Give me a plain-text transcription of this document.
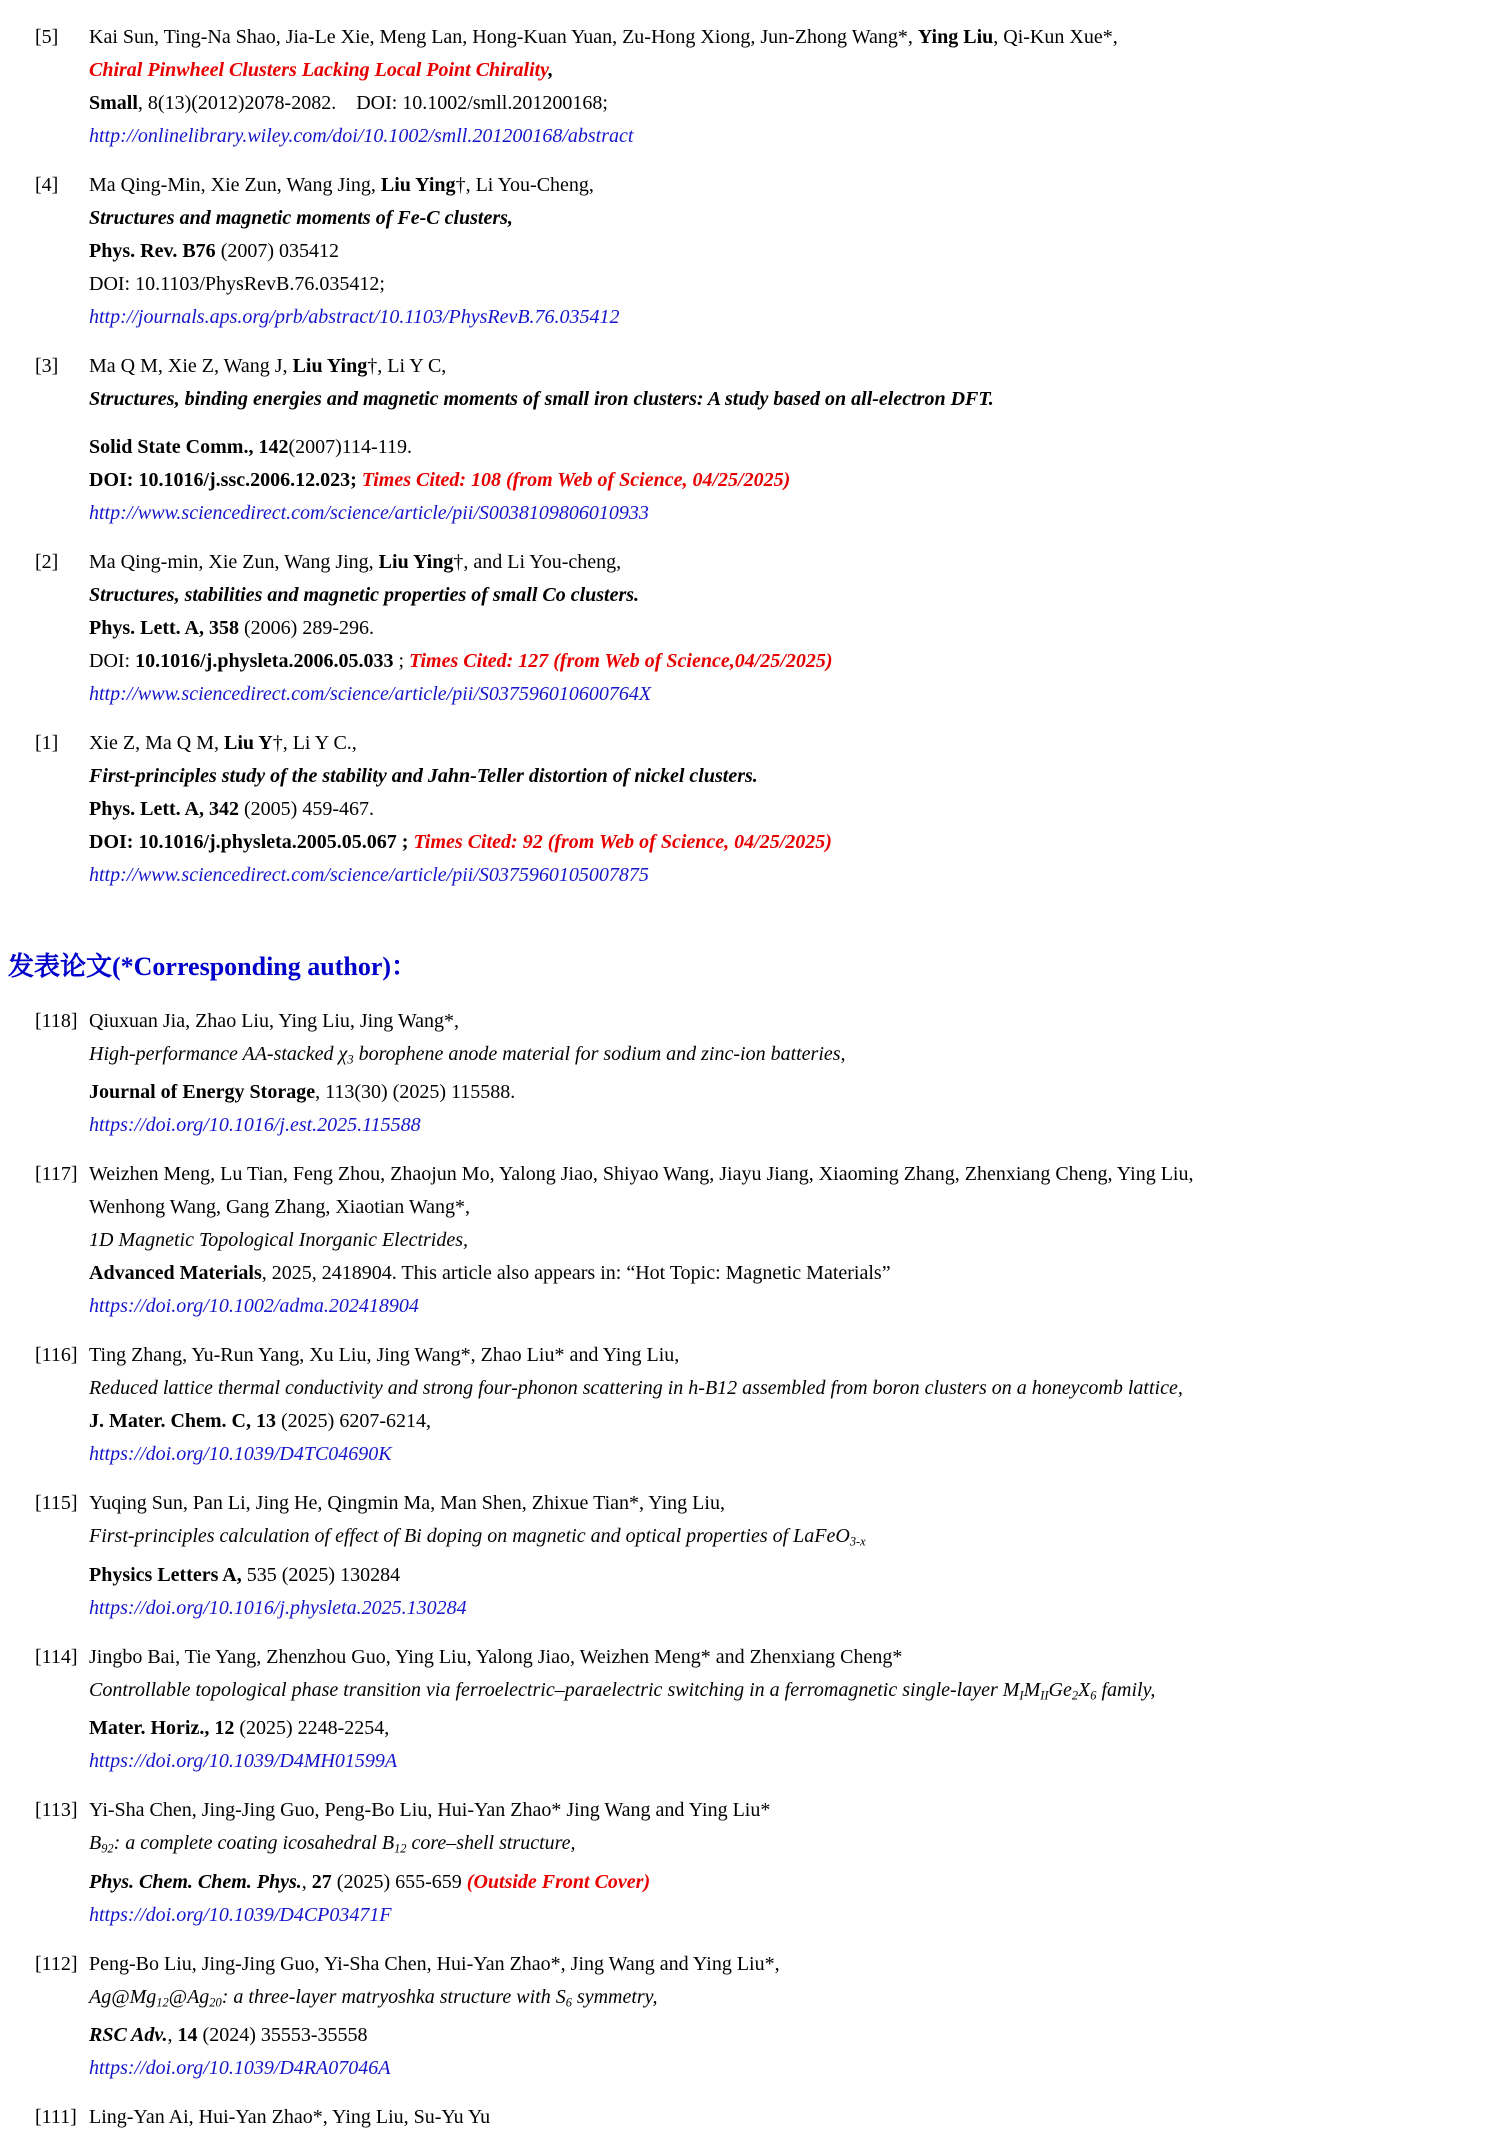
[5]	Kai Sun, Ting-Na Shao, Jia-Le Xie, Meng Lan, Hong-Kuan Yuan, Zu-Hong Xiong, Jun-Zhong Wang*, Ying Liu, Qi-Kun Xue*,
Chiral Pinwheel Clusters Lacking Local Point Chirality,
Small, 8(13)(2012)2078-2082.    DOI: 10.1002/smll.201200168;
http://onlinelibrary.wiley.com/doi/10.1002/smll.201200168/abstract
[4]	Ma Qing-Min, Xie Zun, Wang Jing, Liu Ying†, Li You-Cheng,
Structures and magnetic moments of Fe-C clusters,
Phys. Rev. B76 (2007) 035412
DOI: 10.1103/PhysRevB.76.035412;
http://journals.aps.org/prb/abstract/10.1103/PhysRevB.76.035412
[3]	Ma Q M, Xie Z, Wang J, Liu Ying†, Li Y C,
Structures, binding energies and magnetic moments of small iron clusters: A study based on all-electron DFT.
Solid State Comm., 142(2007)114-119.
DOI: 10.1016/j.ssc.2006.12.023; Times Cited: 108 (from Web of Science, 04/25/2025)
http://www.sciencedirect.com/science/article/pii/S0038109806010933
[2]	Ma Qing-min, Xie Zun, Wang Jing, Liu Ying†, and Li You-cheng,
Structures, stabilities and magnetic properties of small Co clusters.
Phys. Lett. A, 358 (2006) 289-296.
DOI: 10.1016/j.physleta.2006.05.033 ; Times Cited: 127 (from Web of Science,04/25/2025)
http://www.sciencedirect.com/science/article/pii/S037596010600764X
[1]	Xie Z, Ma Q M, Liu Y†, Li Y C.,
First-principles study of the stability and Jahn-Teller distortion of nickel clusters.
Phys. Lett. A, 342 (2005) 459-467.
DOI: 10.1016/j.physleta.2005.05.067 ; Times Cited: 92 (from Web of Science, 04/25/2025)
http://www.sciencedirect.com/science/article/pii/S0375960105007875
发表论文(*Corresponding author)：
[118] Qiuxuan Jia, Zhao Liu, Ying Liu, Jing Wang*,
High-performance AA-stacked $\chi_3$ borophene anode material for sodium and zinc-ion batteries,
Journal of Energy Storage, 113(30) (2025) 115588.
https://doi.org/10.1016/j.est.2025.115588
[117] Weizhen Meng, Lu Tian, Feng Zhou, Zhaojun Mo, Yalong Jiao, Shiyao Wang, Jiayu Jiang, Xiaoming Zhang, Zhenxiang Cheng, Ying Liu,
Wenhong Wang, Gang Zhang, Xiaotian Wang*,
1D Magnetic Topological Inorganic Electrides,
Advanced Materials, 2025, 2418904. This article also appears in: “Hot Topic: Magnetic Materials”
https://doi.org/10.1002/adma.202418904
[116] Ting Zhang, Yu-Run Yang, Xu Liu, Jing Wang*, Zhao Liu* and Ying Liu,
Reduced lattice thermal conductivity and strong four-phonon scattering in h-B12 assembled from boron clusters on a honeycomb lattice,
J. Mater. Chem. C, 13 (2025) 6207-6214,
https://doi.org/10.1039/D4TC04690K
[115] Yuqing Sun, Pan Li, Jing He, Qingmin Ma, Man Shen, Zhixue Tian*, Ying Liu,
First-principles calculation of effect of Bi doping on magnetic and optical properties of LaFeO$_{3-x}$
Physics Letters A, 535 (2025) 130284
https://doi.org/10.1016/j.physleta.2025.130284
[114] Jingbo Bai, Tie Yang, Zhenzhou Guo, Ying Liu, Yalong Jiao, Weizhen Meng* and Zhenxiang Cheng*
Controllable topological phase transition via ferroelectric–paraelectric switching in a ferromagnetic single-layer $M_IM_{II}Ge_2X_6$ family,
Mater. Horiz., 12 (2025) 2248-2254,
https://doi.org/10.1039/D4MH01599A
[113] Yi-Sha Chen, Jing-Jing Guo, Peng-Bo Liu, Hui-Yan Zhao* Jing Wang and Ying Liu*
$B_{92}$: a complete coating icosahedral $B_{12}$ core–shell structure,
Phys. Chem. Chem. Phys., 27 (2025) 655-659 (Outside Front Cover)
https://doi.org/10.1039/D4CP03471F
[112] Peng-Bo Liu, Jing-Jing Guo, Yi-Sha Chen, Hui-Yan Zhao*, Jing Wang and Ying Liu*,
$Ag@Mg_{12}@Ag_{20}$: a three-layer matryoshka structure with $S_6$ symmetry,
RSC Adv., 14 (2024) 35553-35558
https://doi.org/10.1039/D4RA07046A
[111] Ling-Yan Ai, Hui-Yan Zhao*, Ying Liu, Su-Yu Yu
